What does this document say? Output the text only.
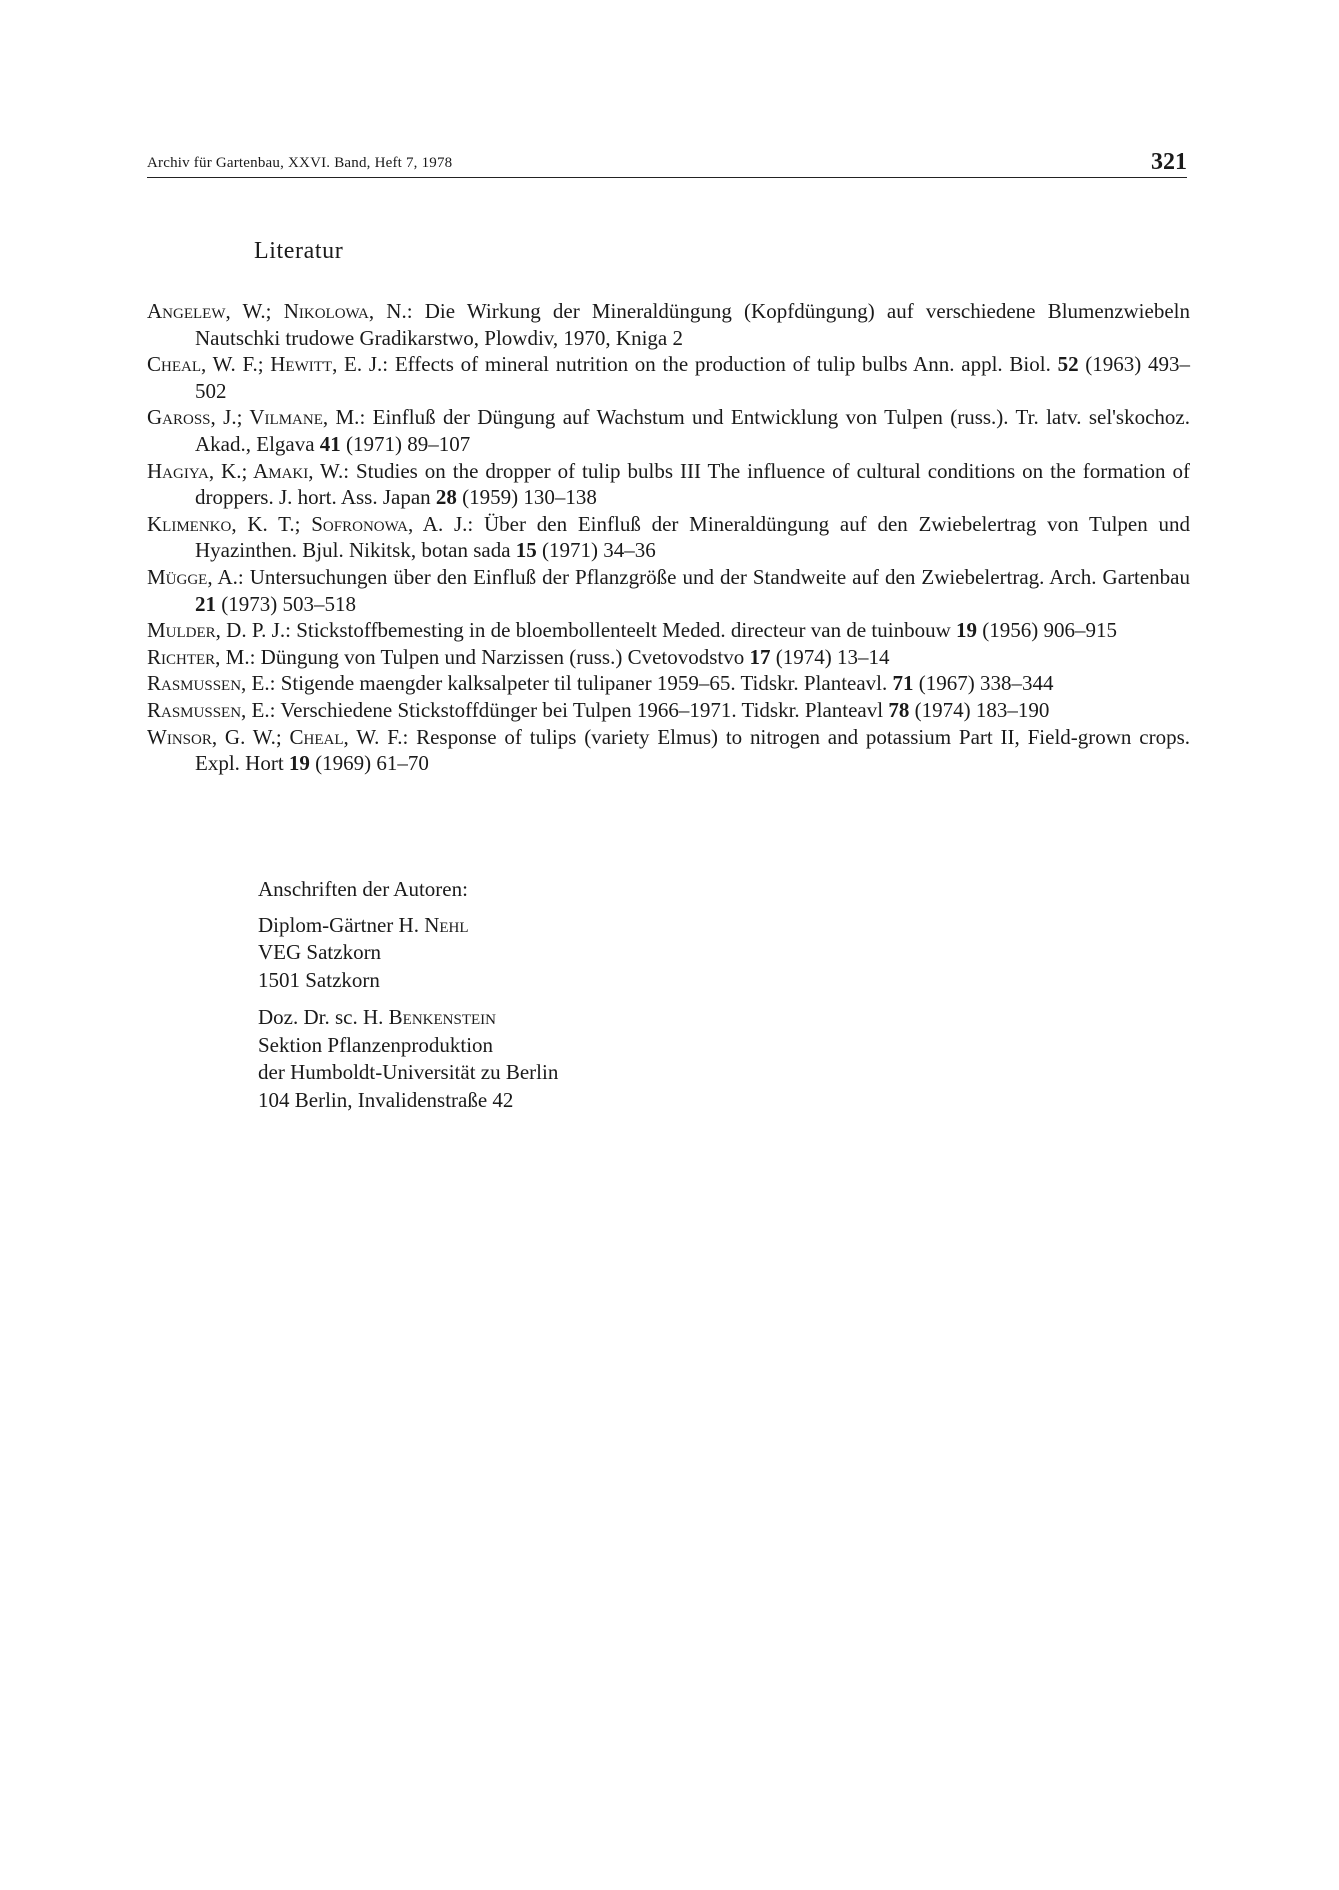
Archiv für Gartenbau, XXVI. Band, Heft 7, 1978	321
Literatur
Angelew, W.; Nikolowa, N.: Die Wirkung der Mineraldüngung (Kopfdüngung) auf verschiedene Blumenzwiebeln Nautschki trudowe Gradikarstwo, Plowdiv, 1970, Kniga 2
Cheal, W. F.; Hewitt, E. J.: Effects of mineral nutrition on the production of tulip bulbs Ann. appl. Biol. 52 (1963) 493–502
Gaross, J.; Vilmane, M.: Einfluß der Düngung auf Wachstum und Entwicklung von Tulpen (russ.). Tr. latv. sel'skochoz. Akad., Elgava 41 (1971) 89–107
Hagiya, K.; Amaki, W.: Studies on the dropper of tulip bulbs III The influence of cultural conditions on the formation of droppers. J. hort. Ass. Japan 28 (1959) 130–138
Klimenko, K. T.; Sofronowa, A. J.: Über den Einfluß der Mineraldüngung auf den Zwiebelertrag von Tulpen und Hyazinthen. Bjul. Nikitsk, botan sada 15 (1971) 34–36
Mügge, A.: Untersuchungen über den Einfluß der Pflanzgröße und der Standweite auf den Zwiebelertrag. Arch. Gartenbau 21 (1973) 503–518
Mulder, D. P. J.: Stickstoffbemesting in de bloembollenteelt Meded. directeur van de tuinbouw 19 (1956) 906–915
Richter, M.: Düngung von Tulpen und Narzissen (russ.) Cvetovodstvo 17 (1974) 13–14
Rasmussen, E.: Stigende maengder kalksalpeter til tulipaner 1959–65. Tidskr. Planteavl. 71 (1967) 338–344
Rasmussen, E.: Verschiedene Stickstoffdünger bei Tulpen 1966–1971. Tidskr. Planteavl 78 (1974) 183–190
Winsor, G. W.; Cheal, W. F.: Response of tulips (variety Elmus) to nitrogen and potassium Part II, Field-grown crops. Expl. Hort 19 (1969) 61–70
Anschriften der Autoren:
Diplom-Gärtner H. Nehl
VEG Satzkorn
1501 Satzkorn
Doz. Dr. sc. H. Benkenstein
Sektion Pflanzenproduktion
der Humboldt-Universität zu Berlin
104 Berlin, Invalidenstraße 42
